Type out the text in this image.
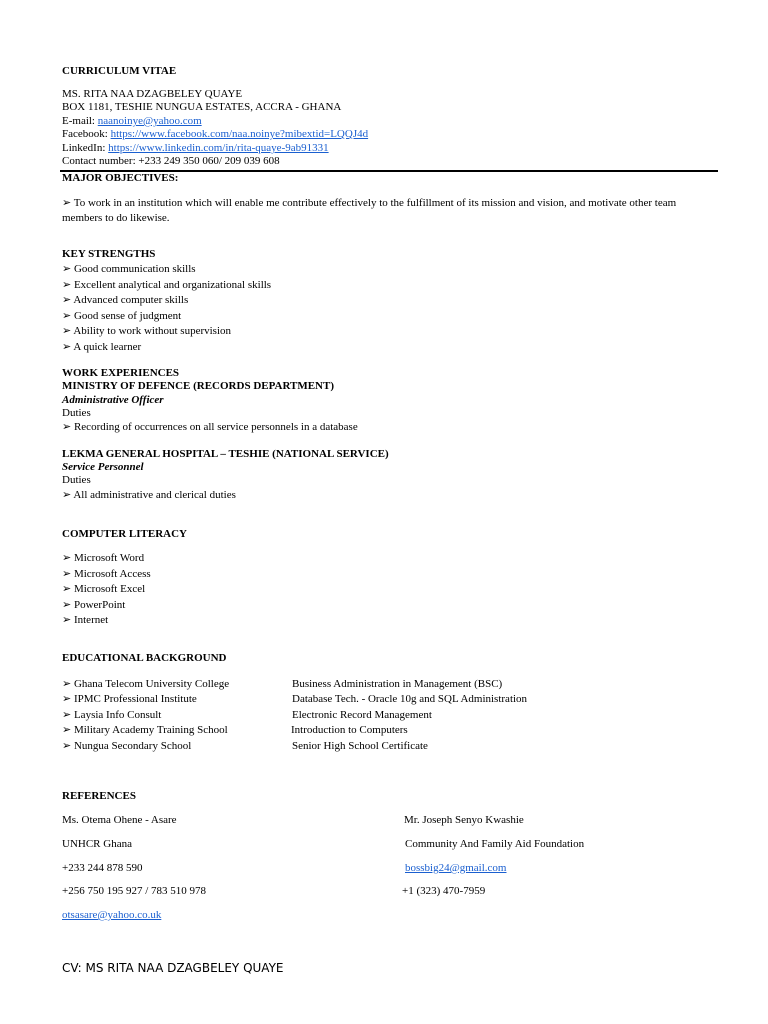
CURRICULUM VITAE
MS. RITA NAA DZAGBELEY QUAYE
BOX 1181, TESHIE NUNGUA ESTATES, ACCRA - GHANA
E-mail: naanoinye@yahoo.com
Facebook: https://www.facebook.com/naa.noinye?mibextid=LQQJ4d
LinkedIn: https://www.linkedin.com/in/rita-quaye-9ab91331
Contact number: +233 249 350 060/ 209 039 608
MAJOR OBJECTIVES:
➢ To work in an institution which will enable me contribute effectively to the fulfillment of its mission and vision, and motivate other team members to do likewise.
KEY STRENGTHS
➢ Good communication skills
➢ Excellent analytical and organizational skills
➢ Advanced computer skills
➢ Good sense of judgment
➢ Ability to work without supervision
➢ A quick learner
WORK EXPERIENCES
MINISTRY OF DEFENCE (RECORDS DEPARTMENT)
Administrative Officer
Duties
➢ Recording of occurrences on all service personnels in a database
LEKMA GENERAL HOSPITAL – TESHIE (NATIONAL SERVICE)
Service Personnel
Duties
➢ All administrative and clerical duties
COMPUTER LITERACY
➢ Microsoft Word
➢ Microsoft Access
➢ Microsoft Excel
➢ PowerPoint
➢ Internet
EDUCATIONAL BACKGROUND
➢ Ghana Telecom University College	Business Administration in Management (BSC)
➢ IPMC Professional Institute	Database Tech. - Oracle 10g and SQL Administration
➢ Laysia Info Consult	Electronic Record Management
➢ Military Academy Training School	Introduction to Computers
➢ Nungua Secondary School	Senior High School Certificate
REFERENCES
Ms. Otema Ohene - Asare
UNHCR Ghana
+233 244 878 590
+256 750 195 927 / 783 510 978
otsasare@yahoo.co.uk
Mr. Joseph Senyo Kwashie
Community And Family Aid Foundation
bossbig24@gmail.com
+1 (323) 470-7959
CV: MS RITA NAA DZAGBELEY QUAYE
